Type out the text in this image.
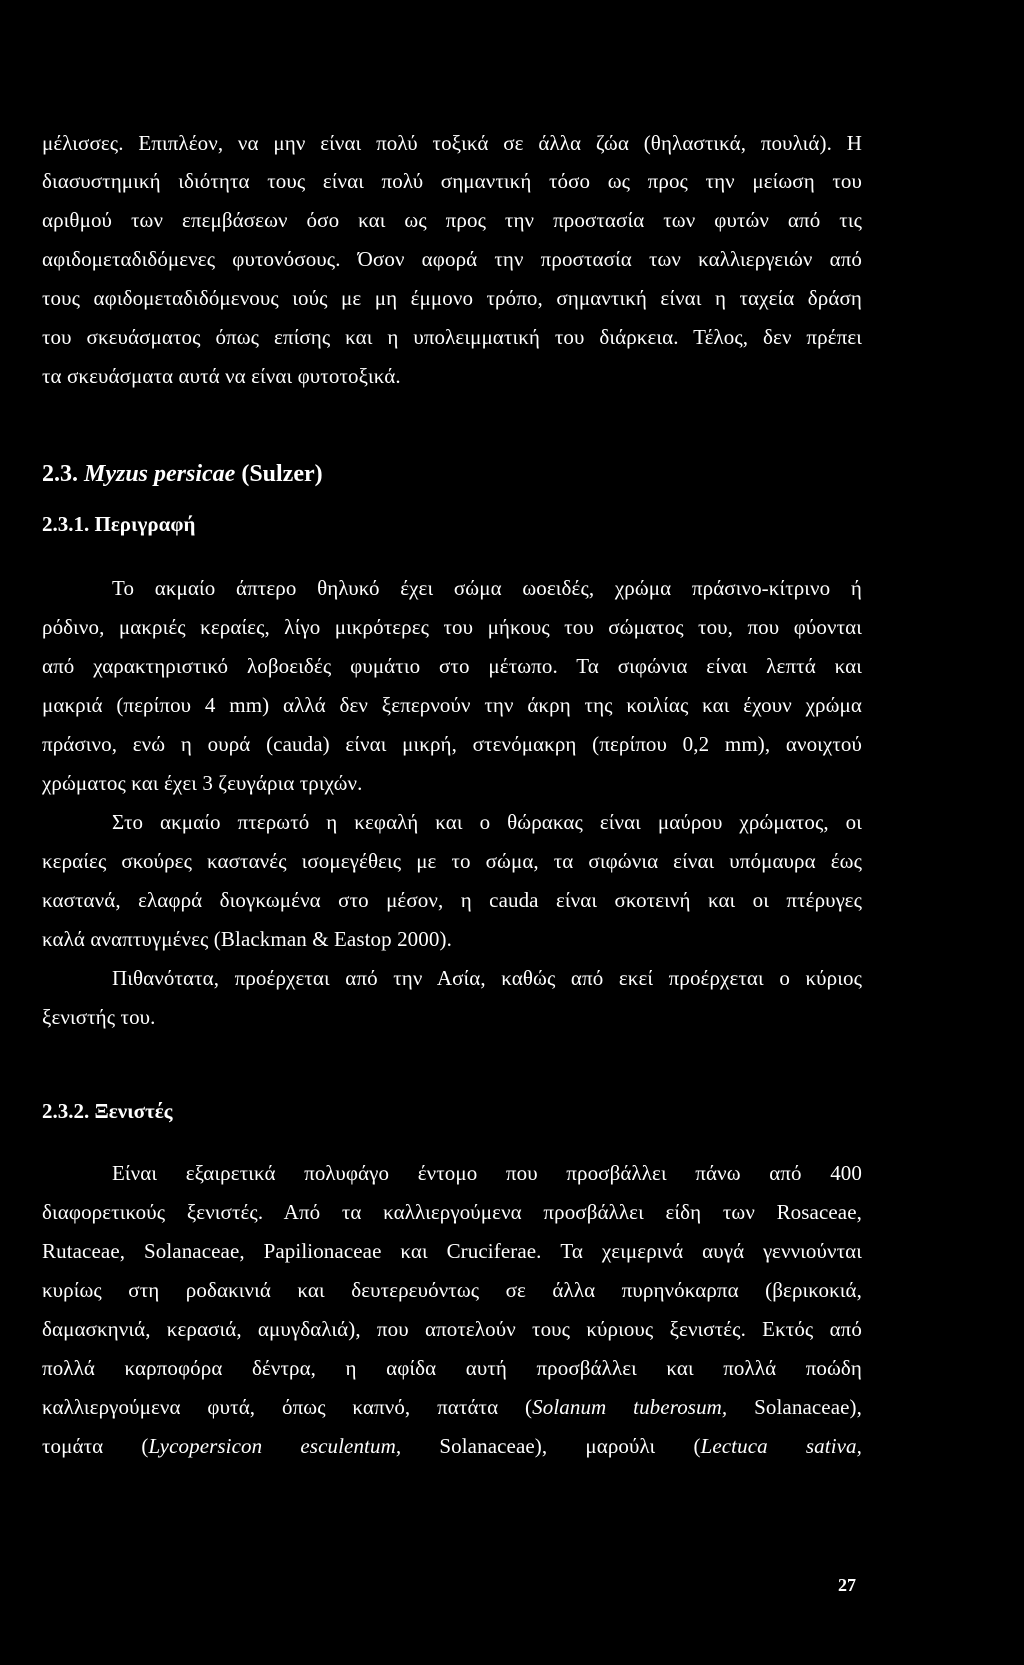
μέλισσες. Επιπλέον, να μην είναι πολύ τοξικά σε άλλα ζώα (θηλαστικά, πουλιά). Η
διασυστημική ιδιότητα τους είναι πολύ σημαντική τόσο ως προς την μείωση του
αριθμού των επεμβάσεων όσο και ως προς την προστασία των φυτών από τις
αφιδομεταδιδόμενες φυτονόσους. Όσον αφορά την προστασία των καλλιεργειών από
τους αφιδομεταδιδόμενους ιούς με μη έμμονο τρόπο, σημαντική είναι η ταχεία δράση
του σκευάσματος όπως επίσης και η υπολειμματική του διάρκεια. Τέλος, δεν πρέπει
τα σκευάσματα αυτά να είναι φυτοτοξικά.
2.3. Myzus persicae (Sulzer)
2.3.1. Περιγραφή
Το ακμαίο άπτερο θηλυκό έχει σώμα ωοειδές, χρώμα πράσινο-κίτρινο ή
ρόδινο, μακριές κεραίες, λίγο μικρότερες του μήκους του σώματος του, που φύονται
από χαρακτηριστικό λοβοειδές φυμάτιο στο μέτωπο. Τα σιφώνια είναι λεπτά και
μακριά (περίπου 4 mm) αλλά δεν ξεπερνούν την άκρη της κοιλίας και έχουν χρώμα
πράσινο, ενώ η ουρά (cauda) είναι μικρή, στενόμακρη (περίπου 0,2 mm), ανοιχτού
χρώματος και έχει 3 ζευγάρια τριχών.
Στο ακμαίο πτερωτό η κεφαλή και ο θώρακας είναι μαύρου χρώματος, οι
κεραίες σκούρες καστανές ισομεγέθεις με το σώμα, τα σιφώνια είναι υπόμαυρα έως
καστανά, ελαφρά διογκωμένα στο μέσον, η cauda είναι σκοτεινή και οι πτέρυγες
καλά αναπτυγμένες (Blackman & Eastop 2000).
Πιθανότατα, προέρχεται από την Ασία, καθώς από εκεί προέρχεται ο κύριος
ξενιστής του.
2.3.2. Ξενιστές
Είναι εξαιρετικά πολυφάγο έντομο που προσβάλλει πάνω από 400
διαφορετικούς ξενιστές. Από τα καλλιεργούμενα προσβάλλει είδη των Rosaceae,
Rutaceae, Solanaceae, Papilionaceae και Cruciferae. Τα χειμερινά αυγά γεννιούνται
κυρίως στη ροδακινιά και δευτερευόντως σε άλλα πυρηνόκαρπα (βερικοκιά,
δαμασκηνιά, κερασιά, αμυγδαλιά), που αποτελούν τους κύριους ξενιστές. Εκτός από
πολλά καρποφόρα δέντρα, η αφίδα αυτή προσβάλλει και πολλά ποώδη
καλλιεργούμενα φυτά, όπως καπνό, πατάτα (Solanum tuberosum, Solanaceae),
τομάτα (Lycopersicon esculentum, Solanaceae), μαρούλι (Lectuca sativa,
27
